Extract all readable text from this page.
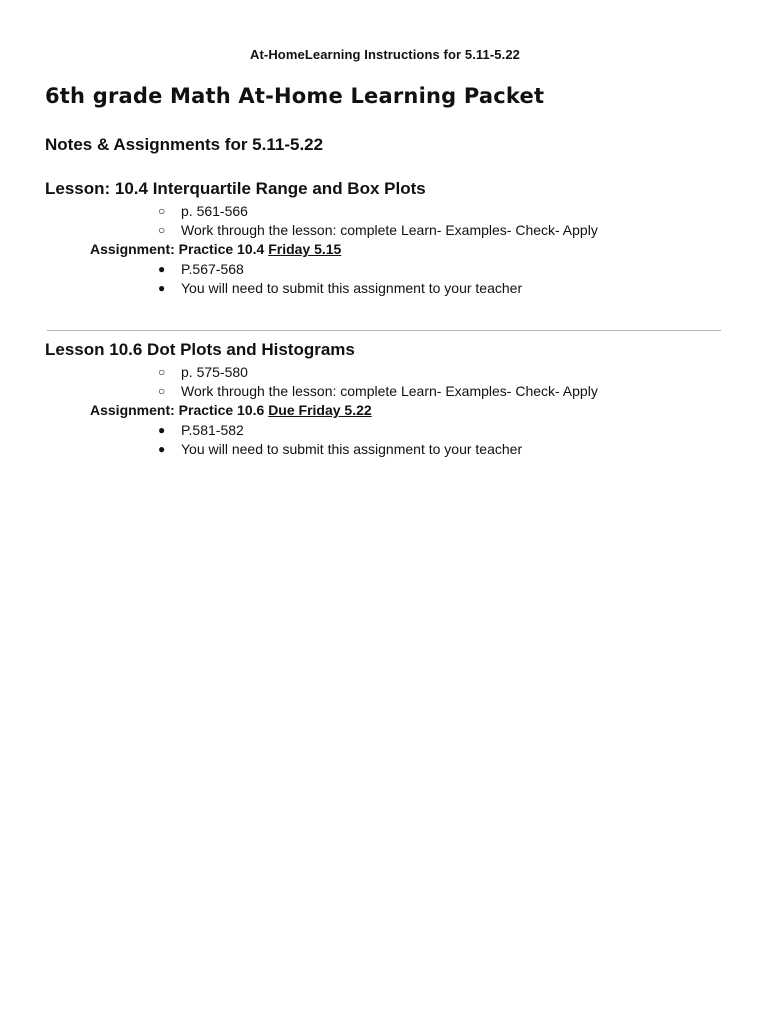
At-HomeLearning Instructions for 5.11-5.22
6th grade Math At-Home Learning Packet
Notes & Assignments for 5.11-5.22
Lesson: 10.4 Interquartile Range and Box Plots
○	p. 561-566
○	Work through the lesson: complete Learn- Examples- Check- Apply
Assignment: Practice 10.4 Friday 5.15
●	P.567-568
●	You will need to submit this assignment to your teacher
Lesson 10.6 Dot Plots and Histograms
○	p. 575-580
○	Work through the lesson: complete Learn- Examples- Check- Apply
Assignment: Practice 10.6 Due Friday 5.22
●	P.581-582
●	You will need to submit this assignment to your teacher
